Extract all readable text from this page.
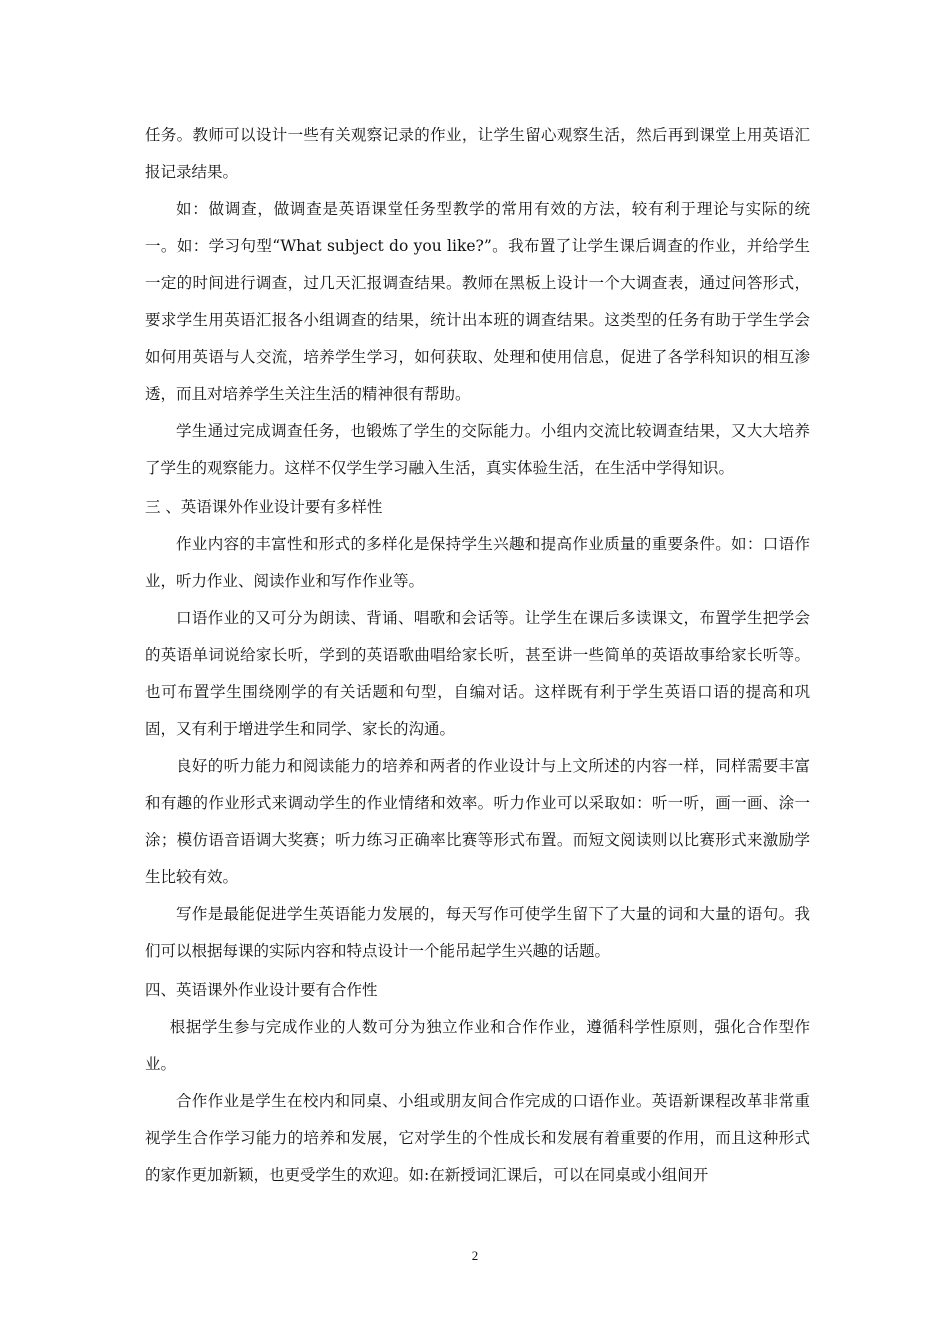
任务。教师可以设计一些有关观察记录的作业，让学生留心观察生活，然后再到课堂上用英语汇报记录结果。

如：做调查，做调查是英语课堂任务型教学的常用有效的方法，较有利于理论与实际的统一。如：学习句型“What subject do you like?”。我布置了让学生课后调查的作业，并给学生一定的时间进行调查，过几天汇报调查结果。教师在黑板上设计一个大调查表，通过问答形式，要求学生用英语汇报各小组调查的结果，统计出本班的调查结果。这类型的任务有助于学生学会如何用英语与人交流，培养学生学习，如何获取、处理和使用信息，促进了各学科知识的相互渗透，而且对培养学生关注生活的精神很有帮助。

学生通过完成调查任务，也锻炼了学生的交际能力。小组内交流比较调查结果，又大大培养了学生的观察能力。这样不仅学生学习融入生活，真实体验生活，在生活中学得知识。

三 、英语课外作业设计要有多样性

作业内容的丰富性和形式的多样化是保持学生兴趣和提高作业质量的重要条件。如：口语作业，听力作业、阅读作业和写作作业等。

口语作业的又可分为朗读、背诵、唱歌和会话等。让学生在课后多读课文，布置学生把学会的英语单词说给家长听，学到的英语歌曲唱给家长听，甚至讲一些简单的英语故事给家长听等。也可布置学生围绕刚学的有关话题和句型，自编对话。这样既有利于学生英语口语的提高和巩固，又有利于增进学生和同学、家长的沟通。

良好的听力能力和阅读能力的培养和两者的作业设计与上文所述的内容一样，同样需要丰富和有趣的作业形式来调动学生的作业情绪和效率。听力作业可以采取如：听一听，画一画、涂一涂；模仿语音语调大奖赛；听力练习正确率比赛等形式布置。而短文阅读则以比赛形式来激励学生比较有效。

写作是最能促进学生英语能力发展的，每天写作可使学生留下了大量的词和大量的语句。我们可以根据每课的实际内容和特点设计一个能吊起学生兴趣的话题。

四、英语课外作业设计要有合作性

根据学生参与完成作业的人数可分为独立作业和合作作业，遵循科学性原则，强化合作型作业。

合作作业是学生在校内和同桌、小组或朋友间合作完成的口语作业。英语新课程改革非常重视学生合作学习能力的培养和发展，它对学生的个性成长和发展有着重要的作用，而且这种形式的家作更加新颖，也更受学生的欢迎。如:在新授词汇课后，可以在同桌或小组间开

2
